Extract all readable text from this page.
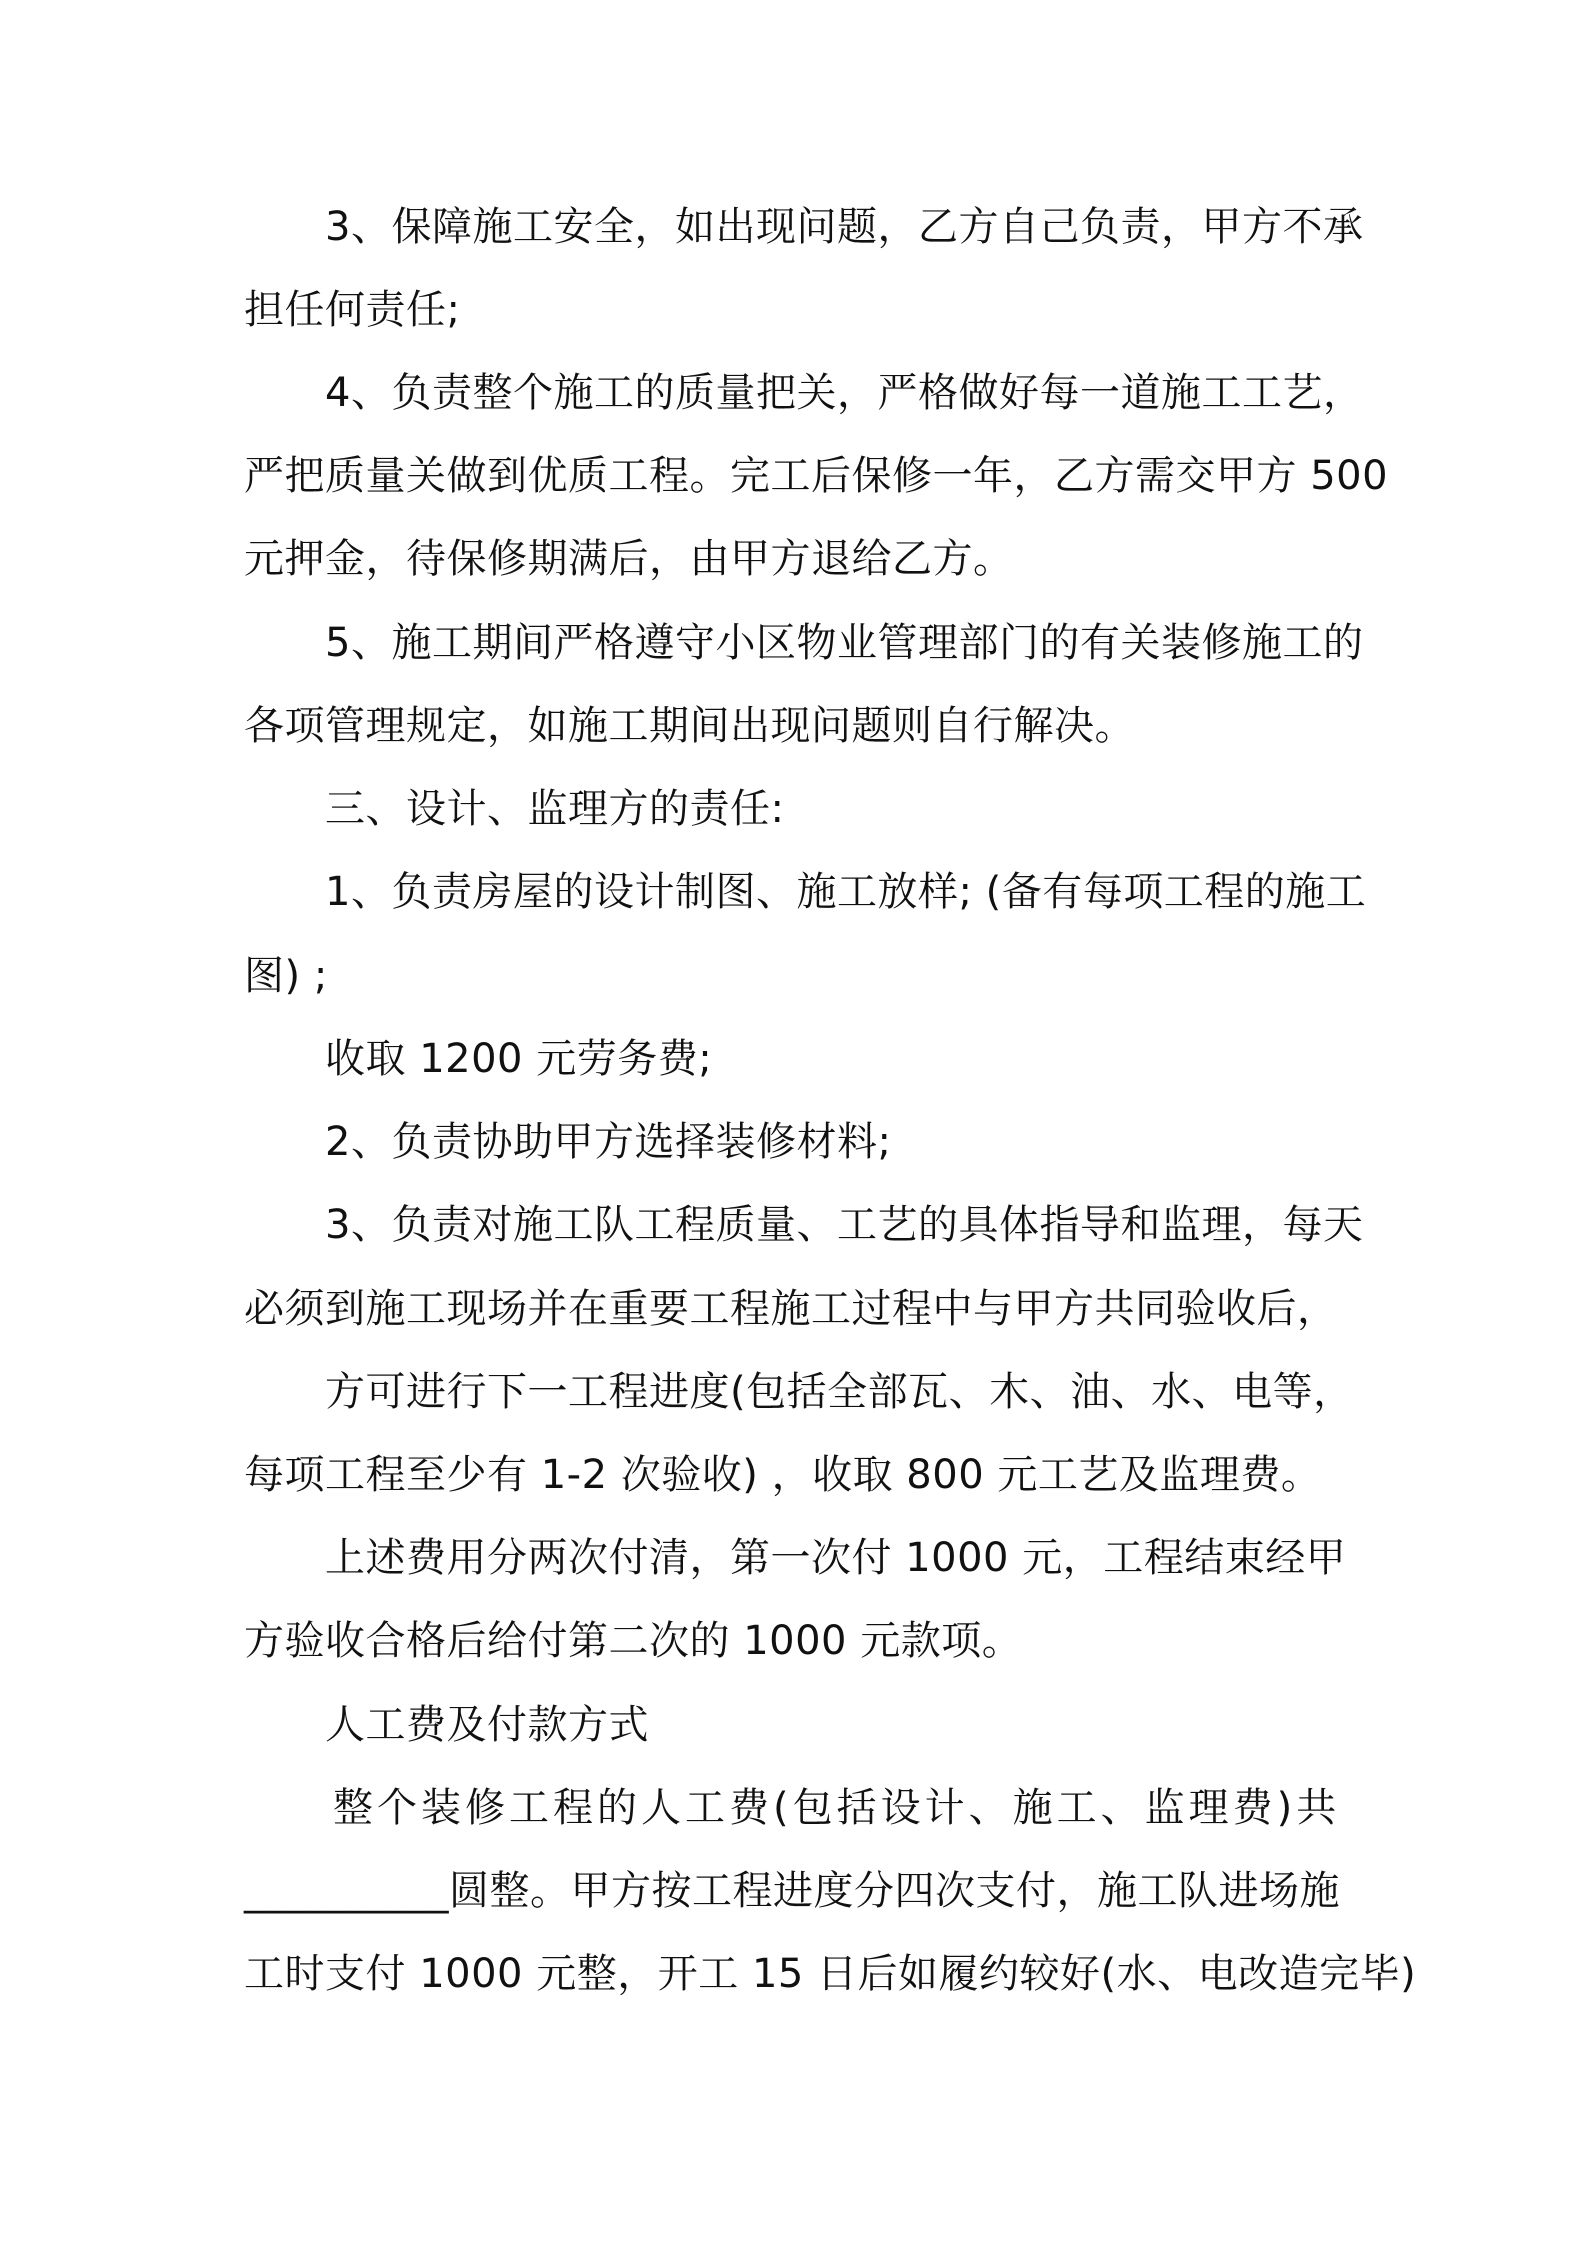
3、保障施工安全，如出现问题，乙方自己负责，甲方不承

担任何责任;

4、负责整个施工的质量把关，严格做好每一道施工工艺，

严把质量关做到优质工程。完工后保修一年，乙方需交甲方 500

元押金，待保修期满后，由甲方退给乙方。

5、施工期间严格遵守小区物业管理部门的有关装修施工的

各项管理规定，如施工期间出现问题则自行解决。

三、设计、监理方的责任:

1、负责房屋的设计制图、施工放样; (备有每项工程的施工

图) ;

收取 1200 元劳务费;

2、负责协助甲方选择装修材料;

3、负责对施工队工程质量、工艺的具体指导和监理，每天

必须到施工现场并在重要工程施工过程中与甲方共同验收后，

方可进行下一工程进度(包括全部瓦、木、油、水、电等，

每项工程至少有 1-2 次验收) ，收取 800 元工艺及监理费。

上述费用分两次付清，第一次付 1000 元，工程结束经甲

方验收合格后给付第二次的 1000 元款项。

人工费及付款方式

整个装修工程的人工费(包括设计、施工、监理费)共

__________圆整。甲方按工程进度分四次支付，施工队进场施

工时支付 1000 元整，开工 15 日后如履约较好(水、电改造完毕)
